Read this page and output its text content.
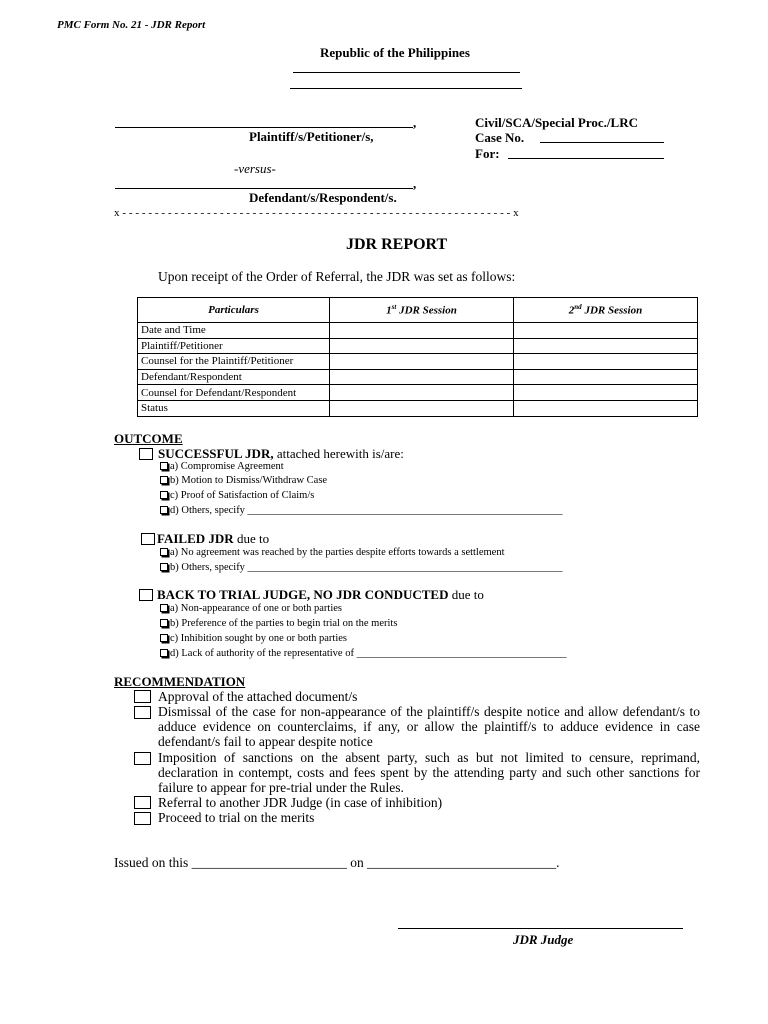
PMC Form No. 21 - JDR Report
Republic of the Philippines
,
Plaintiff/s/Petitioner/s,
-versus-
,
Defendant/s/Respondent/s.
Civil/SCA/Special Proc./LRC
Case No.
For:
x - - - - - - - - - - - - - - - - - - - - - - - - - - - - - - - - - - - - - - - - - - - - - - - - - - - - - - - - - - - - x
JDR REPORT
Upon receipt of the Order of Referral, the JDR was set as follows:
Particulars	1st JDR Session	2nd JDR Session
Date and Time		
Plaintiff/Petitioner		
Counsel for the Plaintiff/Petitioner		
Defendant/Respondent		
Counsel for Defendant/Respondent		
Status		
OUTCOME
SUCCESSFUL JDR, attached herewith is/are:
a) Compromise Agreement
b) Motion to Dismiss/Withdraw Case
c) Proof of Satisfaction of Claim/s
d) Others, specify ____________________________________________________________
FAILED JDR due to
a) No agreement was reached by the parties despite efforts towards a settlement
b) Others, specify ____________________________________________________________
BACK TO TRIAL JUDGE, NO JDR CONDUCTED due to
a) Non-appearance of one or both parties
b) Preference of the parties to begin trial on the merits
c) Inhibition sought by one or both parties
d) Lack of authority of the representative of ________________________________________
RECOMMENDATION
Approval of the attached document/s
Dismissal of the case for non-appearance of the plaintiff/s despite notice and allow defendant/s to adduce evidence on counterclaims, if any, or allow the plaintiff/s to adduce evidence in case defendant/s fail to appear despite notice
Imposition of sanctions on the absent party, such as but not limited to censure, reprimand, declaration in contempt, costs and fees spent by the attending party and such other sanctions for failure to appear for pre-trial under the Rules.
Referral to another JDR Judge (in case of inhibition)
Proceed to trial on the merits
Issued on this _______________________ on ____________________________.
JDR Judge
